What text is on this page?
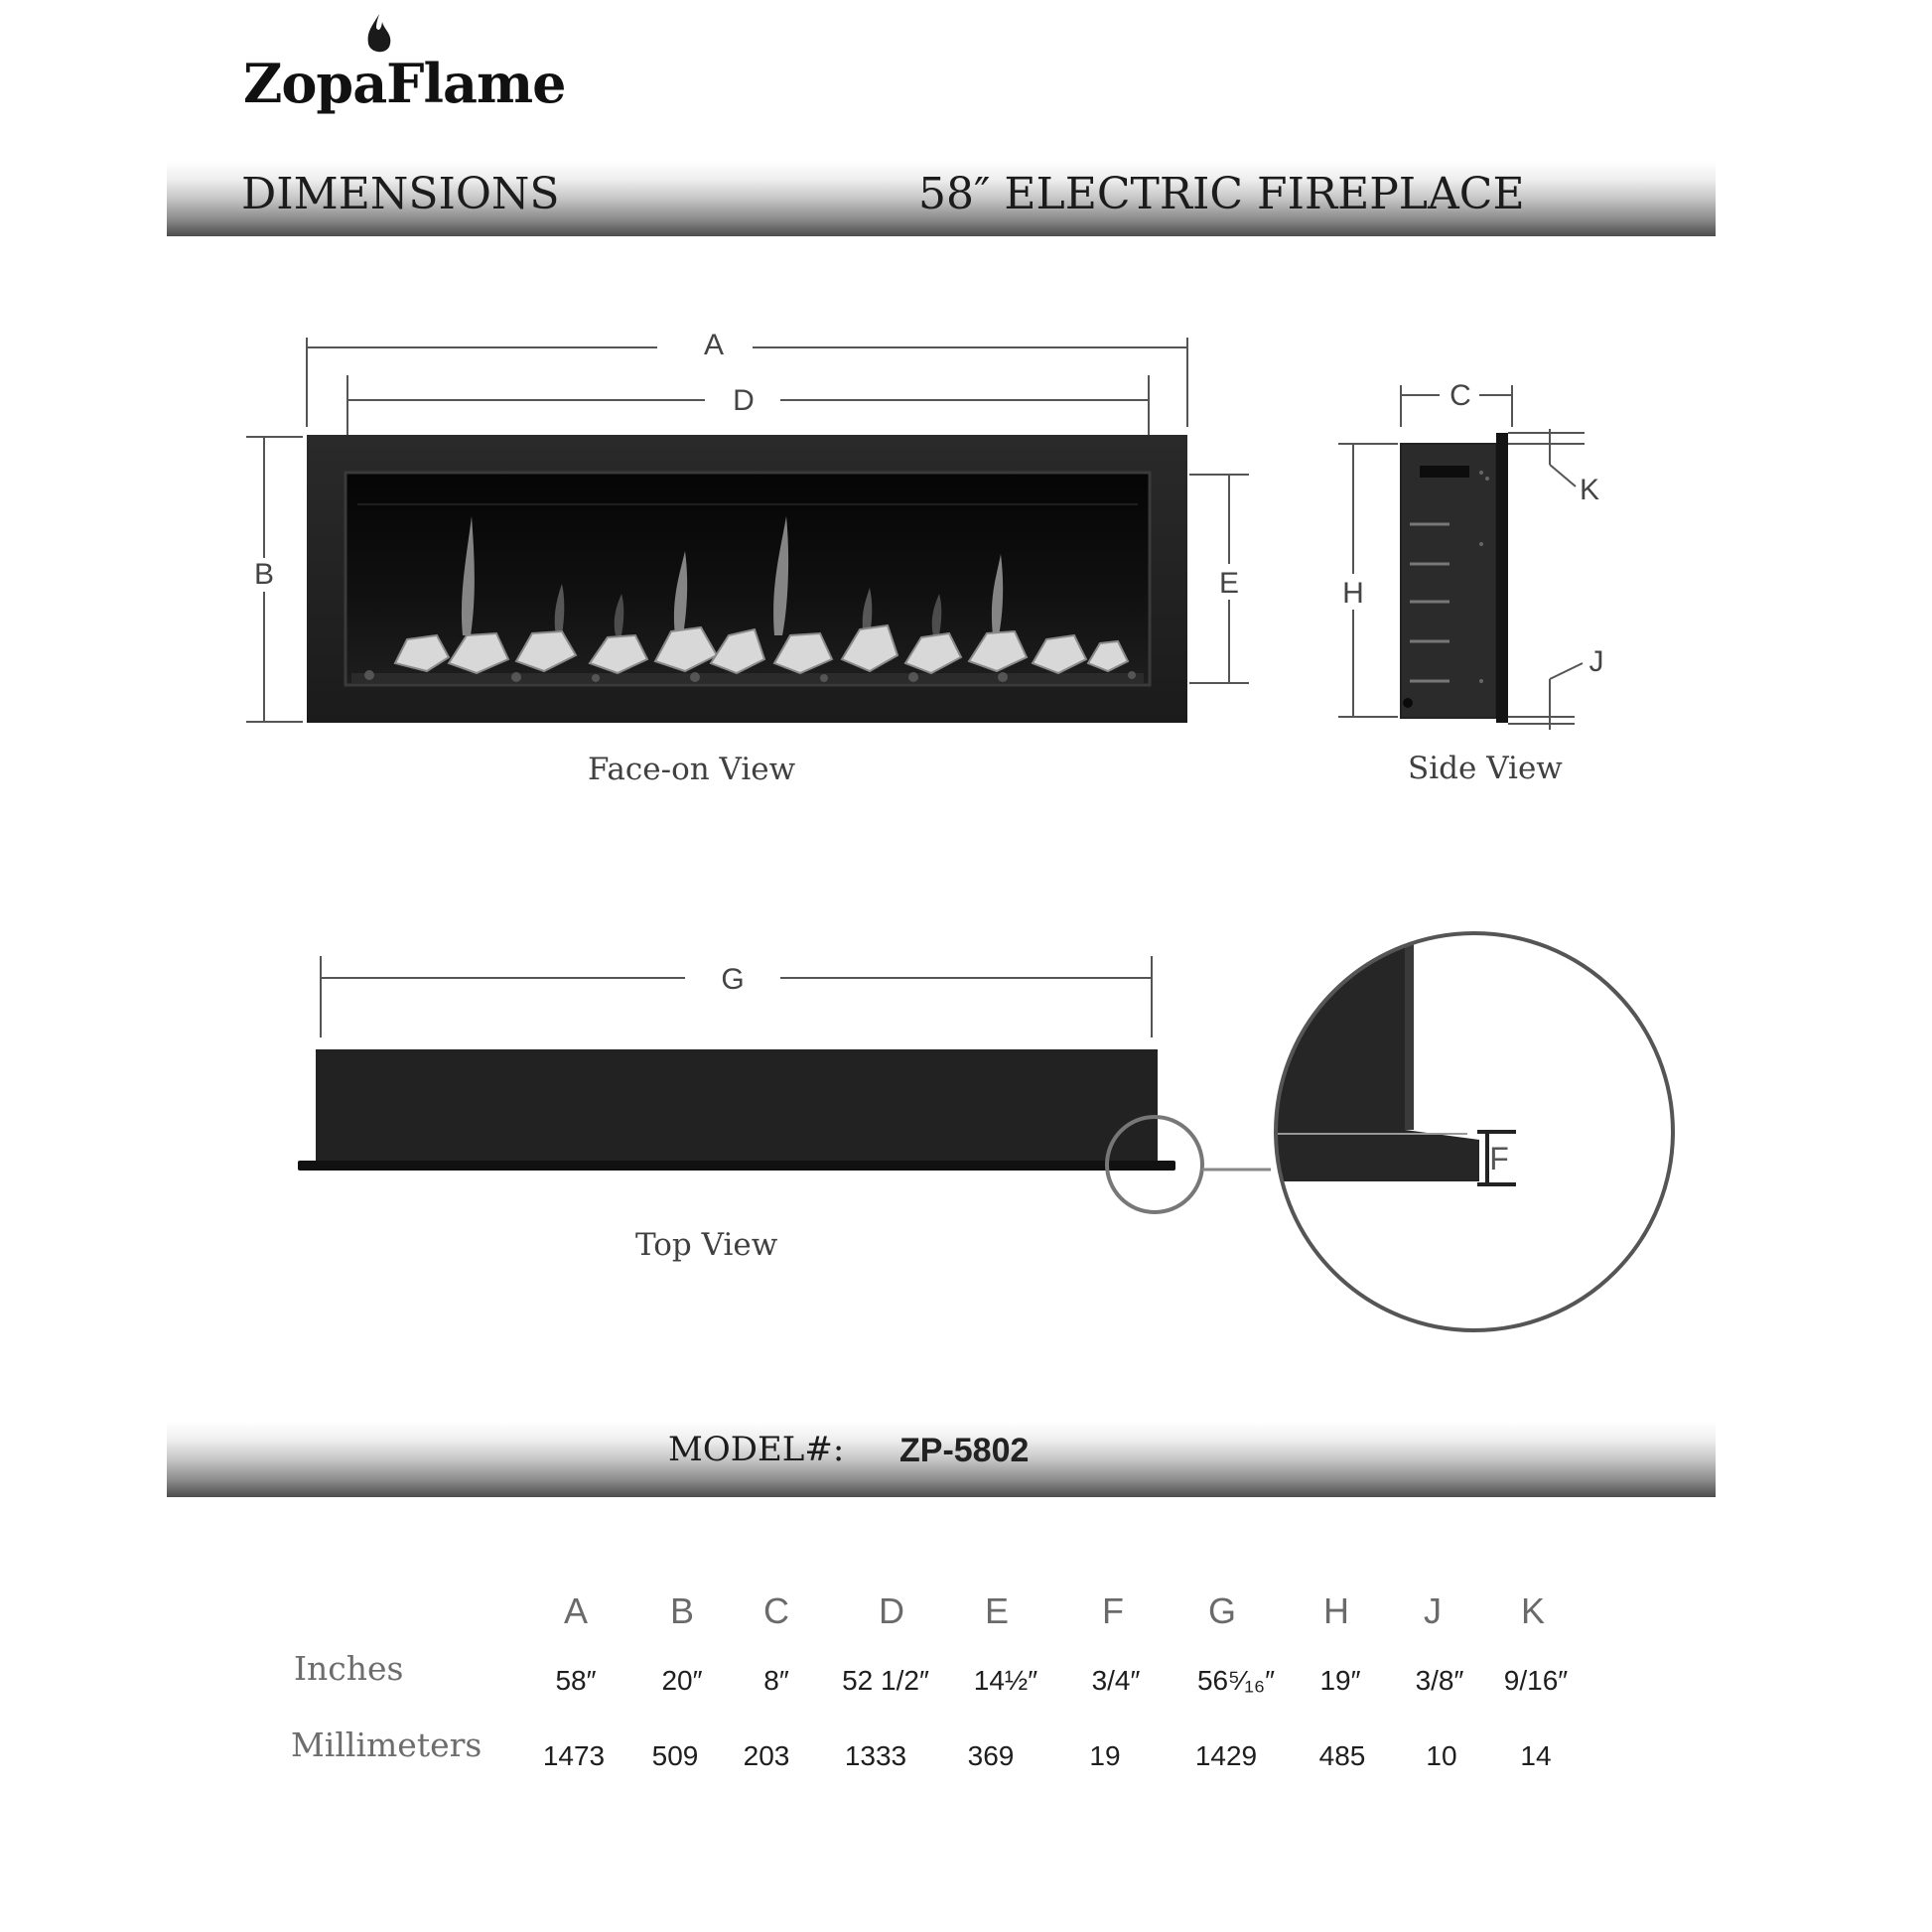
ZopaFlame
DIMENSIONS	58″ ELECTRIC FIREPLACE
A
D
B	E
C
H
K
J
G
F
Face-on View	Side View
Top View
MODEL#: ZP-5802
A	B	C	D	E	F	G	H	J	K
Inches	58″	20″	8″	52 1/2″	14½″	3/4″	56⁵⁄₁₆″	19″	3/8″	9/16″
Millimeters	1473	509	203	1333	369	19	1429	485	10	14
